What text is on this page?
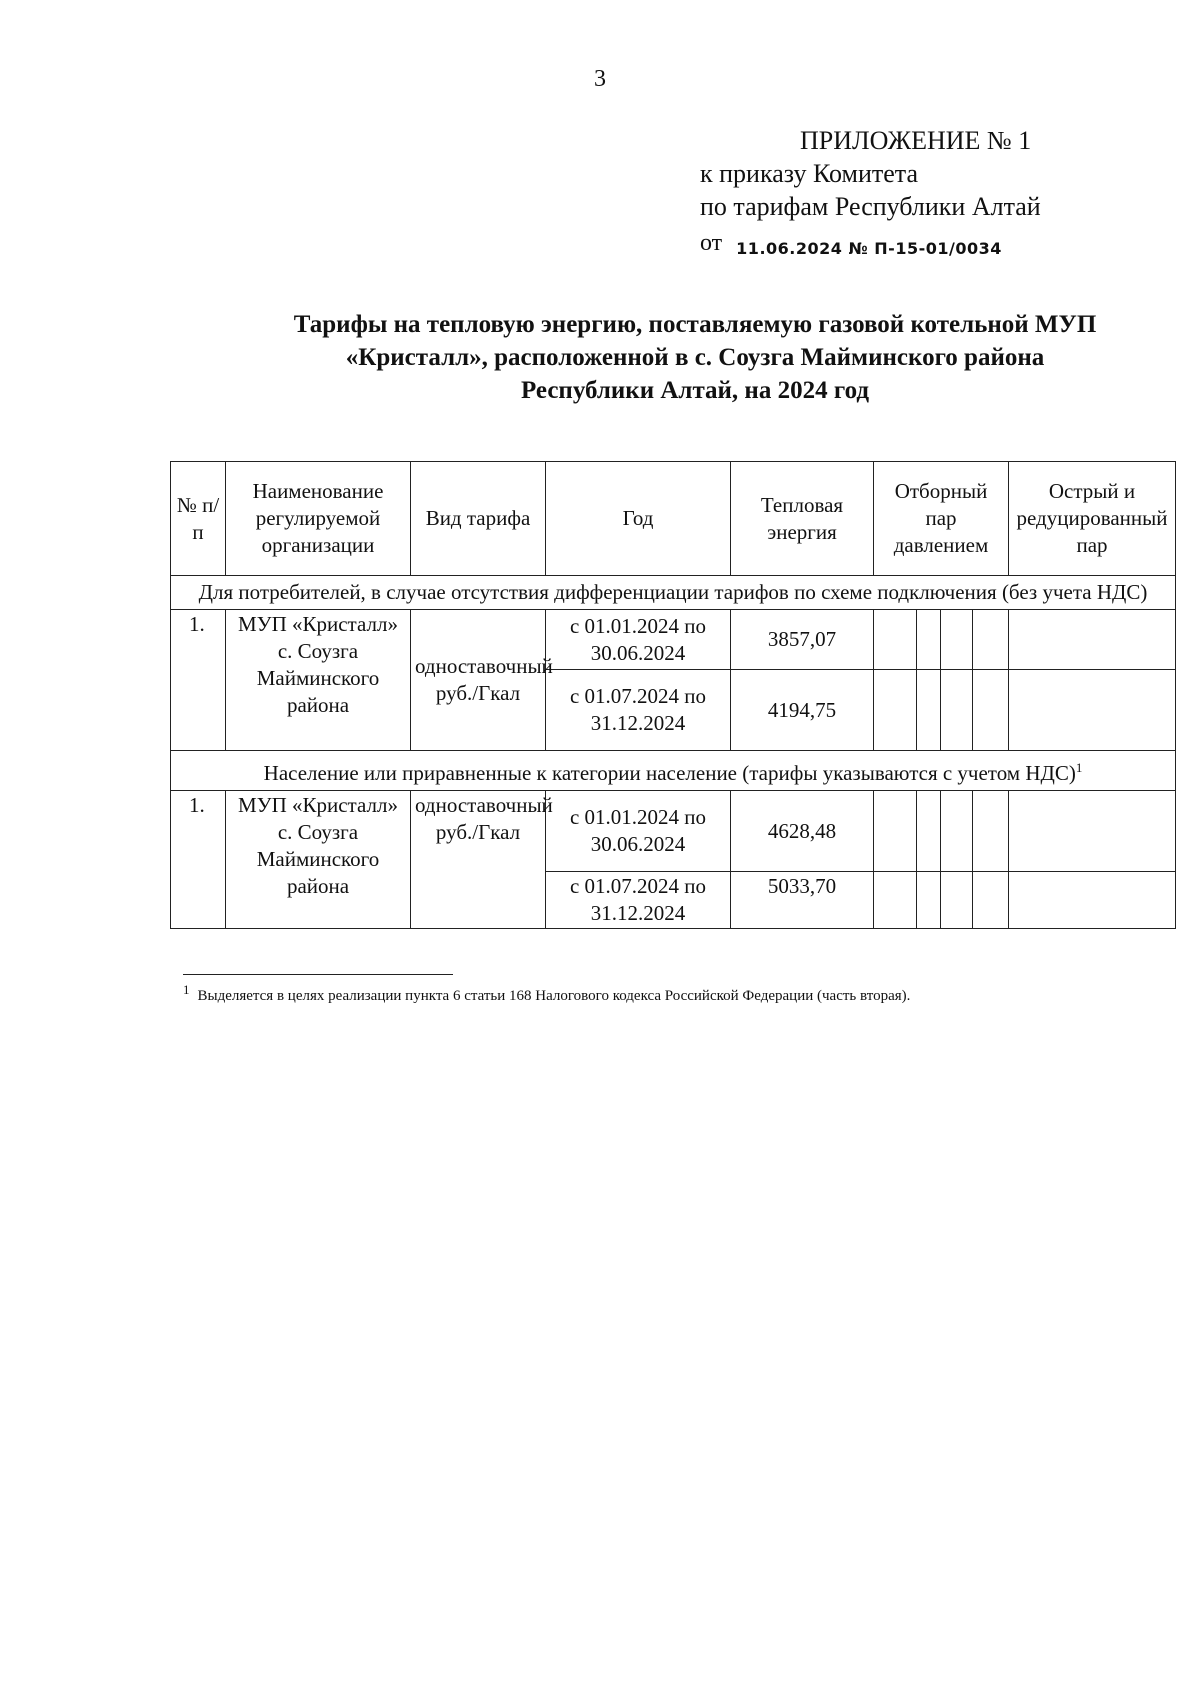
3
ПРИЛОЖЕНИЕ № 1
к приказу Комитета
по тарифам Республики Алтай
от 11.06.2024 № П-15-01/0034
Тарифы на тепловую энергию, поставляемую газовой котельной МУП
«Кристалл», расположенной в с. Соузга Майминского района
Республики Алтай, на 2024 год
№ п/п	Наименование регулируемой организации	Вид тарифа	Год	Тепловая энергия	Отборный пар давлением				Острый и редуцированный пар
Для потребителей, в случае отсутствия дифференциации тарифов по схеме подключения (без учета НДС)									
1.	МУП «Кристалл» с. Соузга Майминского района	одноставочный руб./Гкал	с 01.01.2024 по 30.06.2024	3857,07					
			с 01.07.2024 по 31.12.2024	4194,75					
Население или приравненные к категории население (тарифы указываются с учетом НДС)$^1$
1.	МУП «Кристалл» с. Соузга Майминского района	одноставочный руб./Гкал	с 01.01.2024 по 30.06.2024	4628,48					
			с 01.07.2024 по 31.12.2024	5033,70					
1 Выделяется в целях реализации пункта 6 статьи 168 Налогового кодекса Российской Федерации (часть вторая).
